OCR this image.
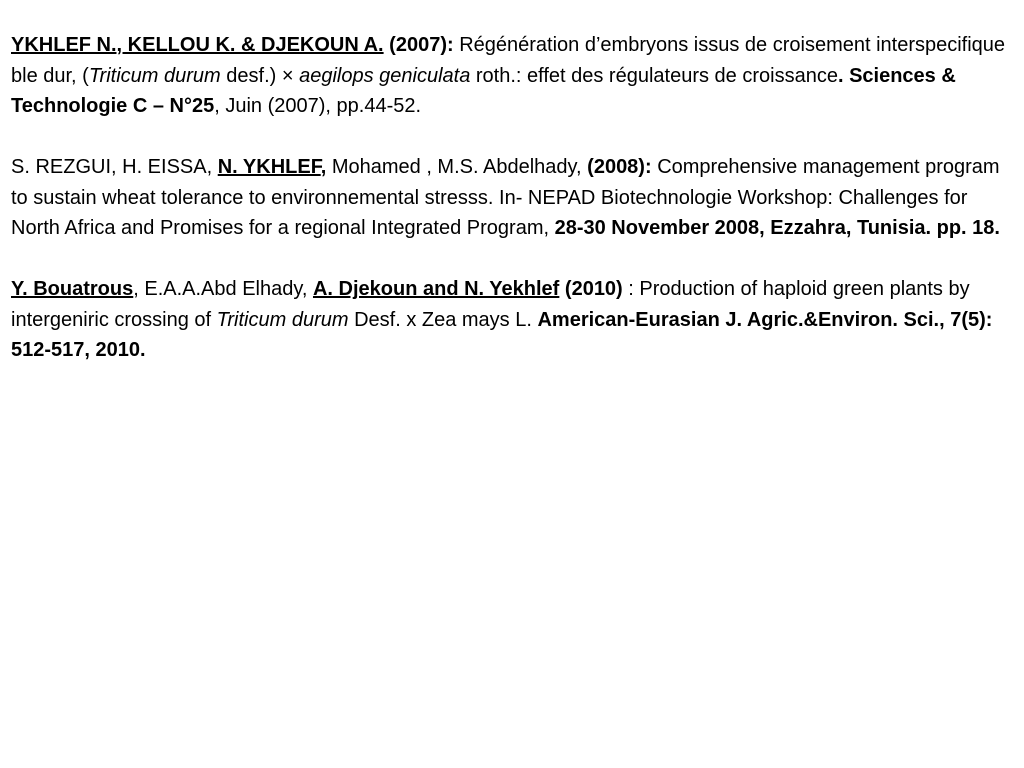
YKHLEF N., KELLOU K. & DJEKOUN A. (2007): Régénération d’embryons issus de croisement interspecifique ble dur, (Triticum durum desf.) × aegilops geniculata roth.: effet des régulateurs de croissance. Sciences & Technologie C – N°25, Juin (2007), pp.44-52.

S. REZGUI, H. EISSA, N. YKHLEF, Mohamed , M.S. Abdelhady, (2008): Comprehensive management program to sustain wheat tolerance to environnemental stresss. In- NEPAD Biotechnologie Workshop: Challenges for North Africa and Promises for a regional Integrated Program, 28-30 November 2008, Ezzahra, Tunisia. pp. 18.

Y. Bouatrous, E.A.A.Abd Elhady, A. Djekoun and N. Yekhlef (2010) : Production of haploid green plants by intergeniric crossing of Triticum durum Desf. x Zea mays L. American-Eurasian J. Agric.&Environ. Sci., 7(5): 512-517, 2010.
